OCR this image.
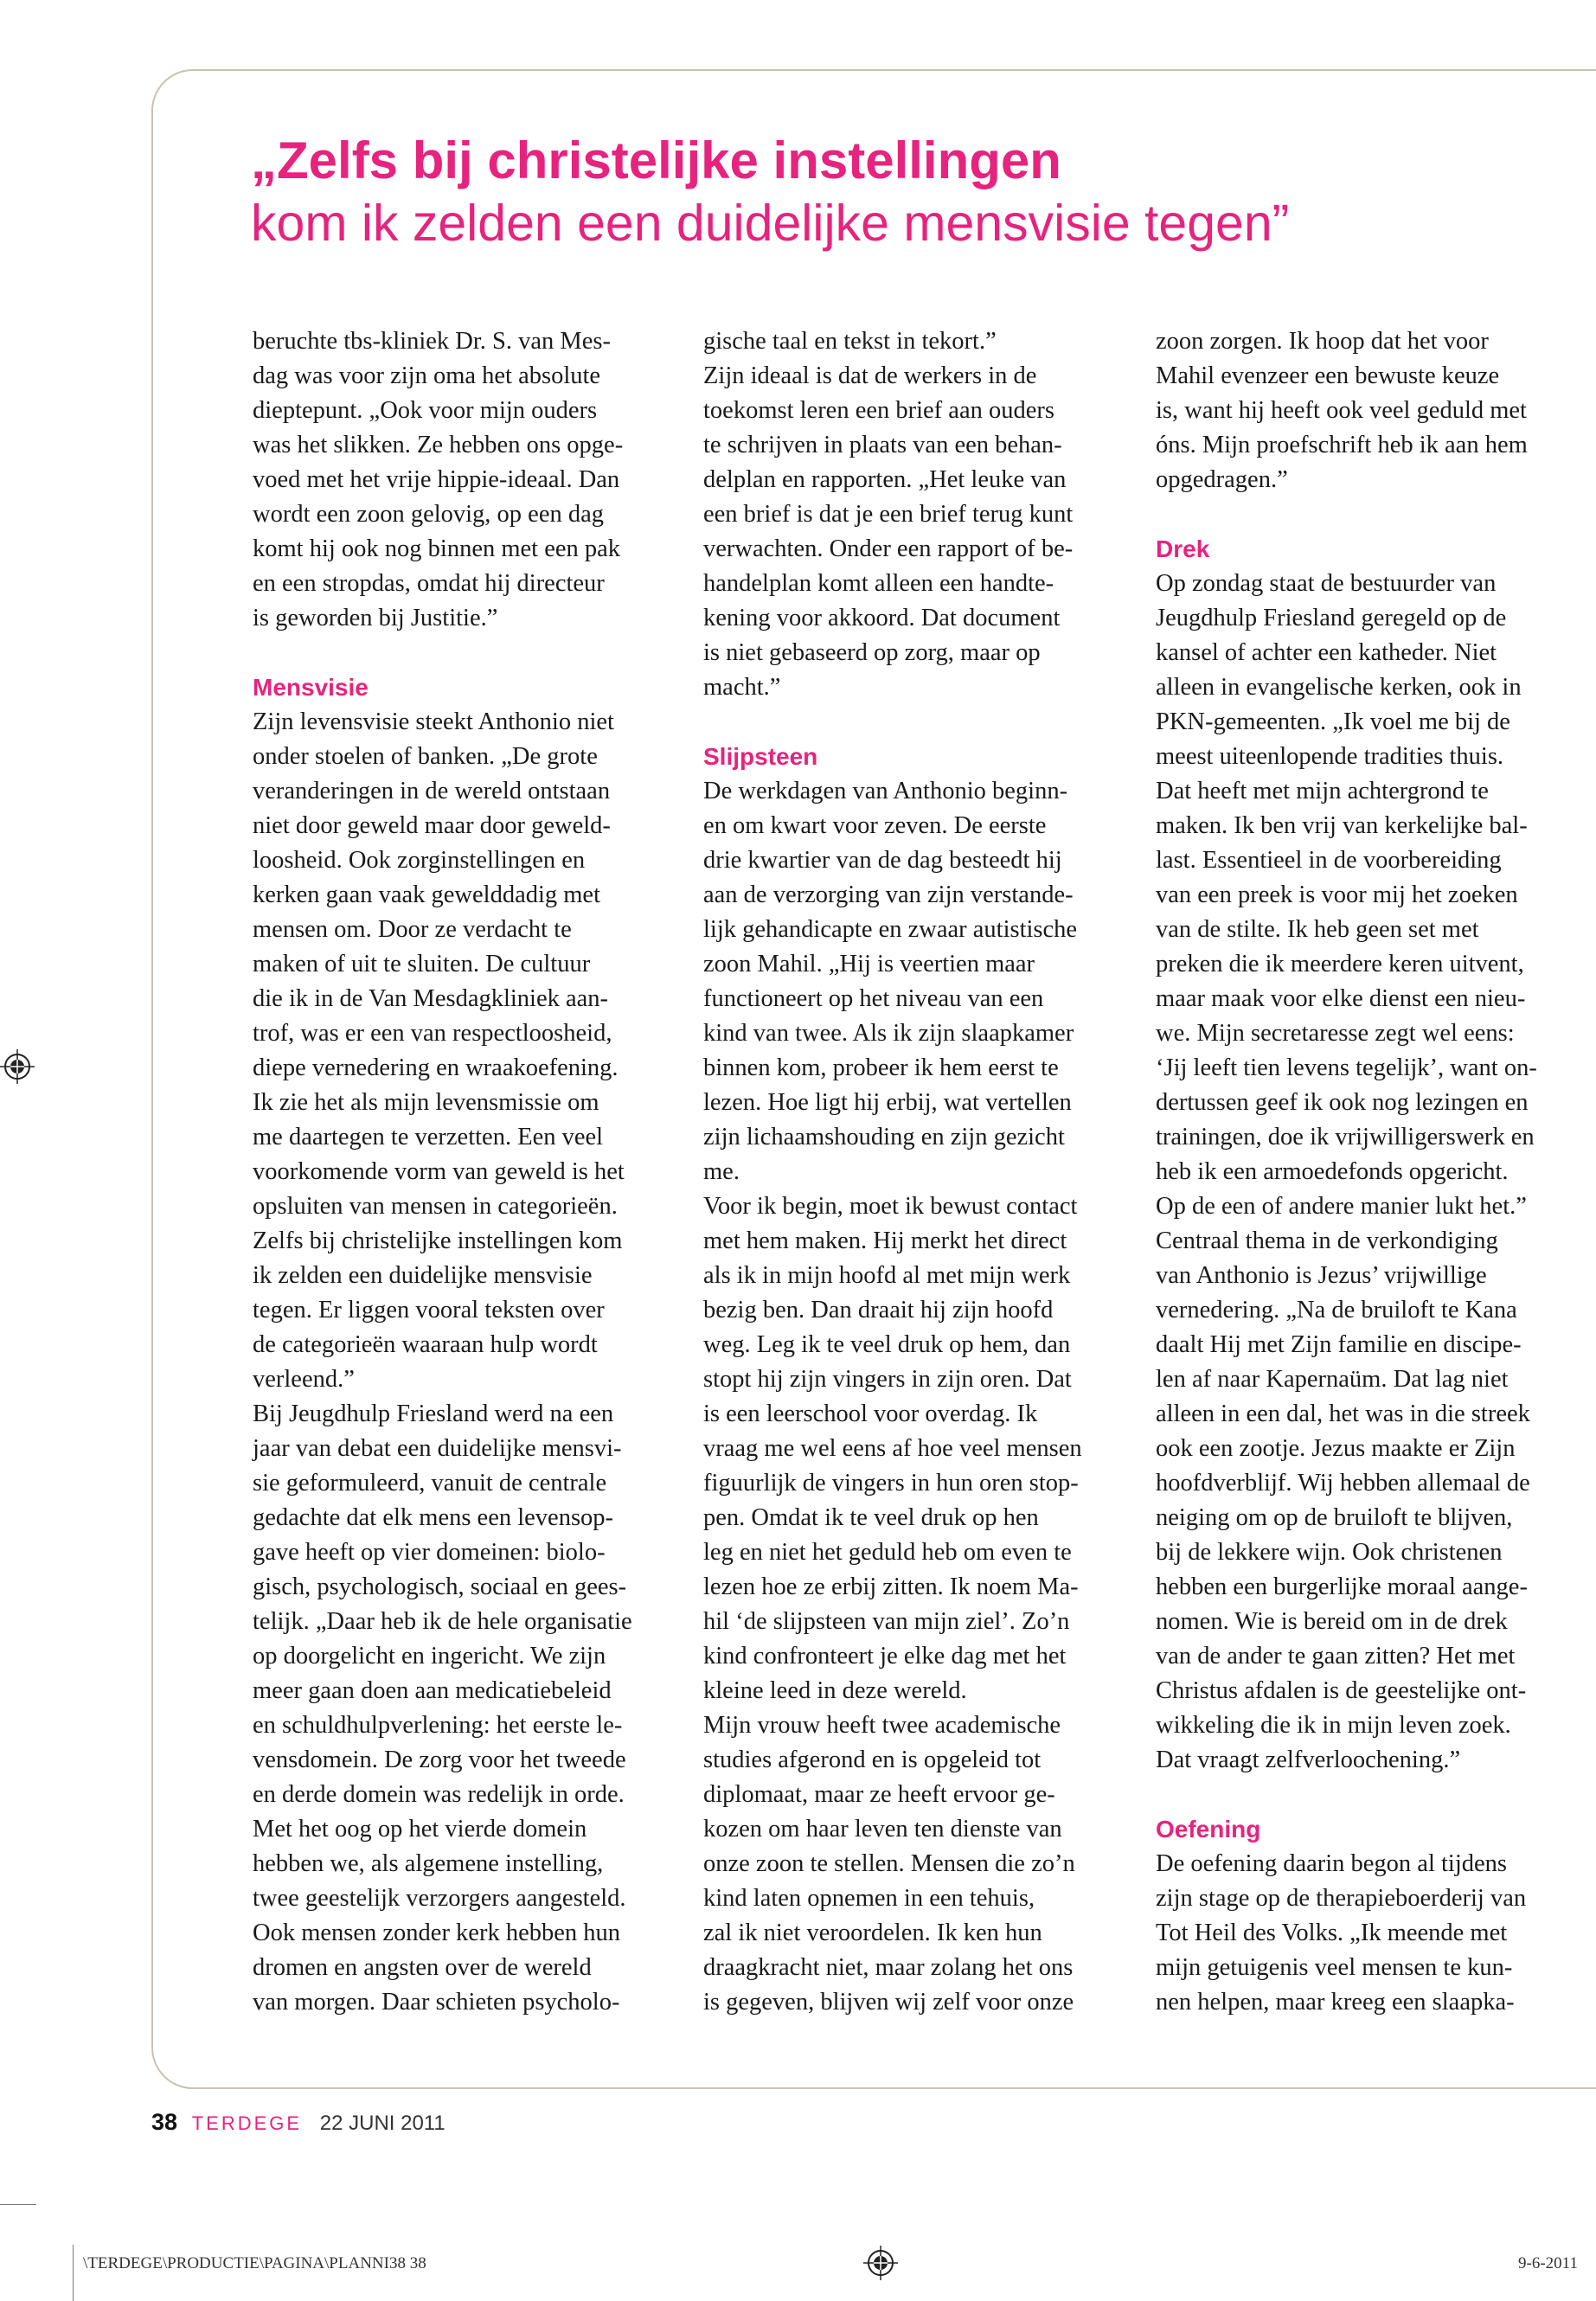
„Zelfs bij christelijke instellingen

kom ik zelden een duidelijke mensvisie tegen”

beruchte tbs-kliniek Dr. S. van Mes-
dag was voor zijn oma het absolute
dieptepunt. „Ook voor mijn ouders
was het slikken. Ze hebben ons opge-
voed met het vrije hippie-ideaal. Dan
wordt een zoon gelovig, op een dag
komt hij ook nog binnen met een pak
en een stropdas, omdat hij directeur
is geworden bij Justitie.”

Mensvisie

Zijn levensvisie steekt Anthonio niet
onder stoelen of banken. „De grote
veranderingen in de wereld ontstaan
niet door geweld maar door geweld-
loosheid. Ook zorginstellingen en
kerken gaan vaak gewelddadig met
mensen om. Door ze verdacht te
maken of uit te sluiten. De cultuur
die ik in de Van Mesdagkliniek aan-
trof, was er een van respectloosheid,
diepe vernedering en wraakoefening.
Ik zie het als mijn levensmissie om
me daartegen te verzetten. Een veel
voorkomende vorm van geweld is het
opsluiten van mensen in categorieën.
Zelfs bij christelijke instellingen kom
ik zelden een duidelijke mensvisie
tegen. Er liggen vooral teksten over
de categorieën waaraan hulp wordt
verleend.”
Bij Jeugdhulp Friesland werd na een
jaar van debat een duidelijke mensvi-
sie geformuleerd, vanuit de centrale
gedachte dat elk mens een levensop-
gave heeft op vier domeinen: biolo-
gisch, psychologisch, sociaal en gees-
telijk. „Daar heb ik de hele organisatie
op doorgelicht en ingericht. We zijn
meer gaan doen aan medicatiebeleid
en schuldhulpverlening: het eerste le-
vensdomein. De zorg voor het tweede
en derde domein was redelijk in orde.
Met het oog op het vierde domein
hebben we, als algemene instelling,
twee geestelijk verzorgers aangesteld.
Ook mensen zonder kerk hebben hun
dromen en angsten over de wereld
van morgen. Daar schieten psycholo-

gische taal en tekst in tekort.”
Zijn ideaal is dat de werkers in de
toekomst leren een brief aan ouders
te schrijven in plaats van een behan-
delplan en rapporten. „Het leuke van
een brief is dat je een brief terug kunt
verwachten. Onder een rapport of be-
handelplan komt alleen een handte-
kening voor akkoord. Dat document
is niet gebaseerd op zorg, maar op
macht.”

Slijpsteen

De werkdagen van Anthonio beginn-
en om kwart voor zeven. De eerste
drie kwartier van de dag besteedt hij
aan de verzorging van zijn verstande-
lijk gehandicapte en zwaar autistische
zoon Mahil. „Hij is veertien maar
functioneert op het niveau van een
kind van twee. Als ik zijn slaapkamer
binnen kom, probeer ik hem eerst te
lezen. Hoe ligt hij erbij, wat vertellen
zijn lichaamshouding en zijn gezicht
me.
Voor ik begin, moet ik bewust contact
met hem maken. Hij merkt het direct
als ik in mijn hoofd al met mijn werk
bezig ben. Dan draait hij zijn hoofd
weg. Leg ik te veel druk op hem, dan
stopt hij zijn vingers in zijn oren. Dat
is een leerschool voor overdag. Ik
vraag me wel eens af hoe veel mensen
figuurlijk de vingers in hun oren stop-
pen. Omdat ik te veel druk op hen
leg en niet het geduld heb om even te
lezen hoe ze erbij zitten. Ik noem Ma-
hil ‘de slijpsteen van mijn ziel’. Zo’n
kind confronteert je elke dag met het
kleine leed in deze wereld.
Mijn vrouw heeft twee academische
studies afgerond en is opgeleid tot
diplomaat, maar ze heeft ervoor ge-
kozen om haar leven ten dienste van
onze zoon te stellen. Mensen die zo’n
kind laten opnemen in een tehuis,
zal ik niet veroordelen. Ik ken hun
draagkracht niet, maar zolang het ons
is gegeven, blijven wij zelf voor onze

zoon zorgen. Ik hoop dat het voor
Mahil evenzeer een bewuste keuze
is, want hij heeft ook veel geduld met
óns. Mijn proefschrift heb ik aan hem
opgedragen.”

Drek

Op zondag staat de bestuurder van
Jeugdhulp Friesland geregeld op de
kansel of achter een katheder. Niet
alleen in evangelische kerken, ook in
PKN-gemeenten. „Ik voel me bij de
meest uiteenlopende tradities thuis.
Dat heeft met mijn achtergrond te
maken. Ik ben vrij van kerkelijke bal-
last. Essentieel in de voorbereiding
van een preek is voor mij het zoeken
van de stilte. Ik heb geen set met
preken die ik meerdere keren uitvent,
maar maak voor elke dienst een nieu-
we. Mijn secretaresse zegt wel eens:
‘Jij leeft tien levens tegelijk’, want on-
dertussen geef ik ook nog lezingen en
trainingen, doe ik vrijwilligerswerk en
heb ik een armoedefonds opgericht.
Op de een of andere manier lukt het.”
Centraal thema in de verkondiging
van Anthonio is Jezus’ vrijwillige
vernedering. „Na de bruiloft te Kana
daalt Hij met Zijn familie en discipe-
len af naar Kapernaüm. Dat lag niet
alleen in een dal, het was in die streek
ook een zootje. Jezus maakte er Zijn
hoofdverblijf. Wij hebben allemaal de
neiging om op de bruiloft te blijven,
bij de lekkere wijn. Ook christenen
hebben een burgerlijke moraal aange-
nomen. Wie is bereid om in de drek
van de ander te gaan zitten? Het met
Christus afdalen is de geestelijke ont-
wikkeling die ik in mijn leven zoek.
Dat vraagt zelfverloochening.”

Oefening

De oefening daarin begon al tijdens
zijn stage op de therapieboerderij van
Tot Heil des Volks. „Ik meende met
mijn getuigenis veel mensen te kun-
nen helpen, maar kreeg een slaapka-

38 TERDEGE 22 JUNI 2011
\TERDEGE\PRODUCTIE\PAGINA\PLANNI38 38	9-6-2011
